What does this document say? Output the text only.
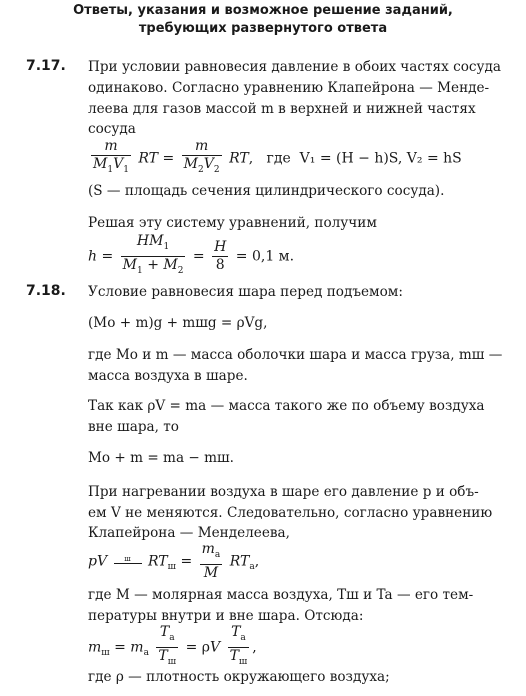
Ответы, указания и возможное решение заданий,
требующих развернутого ответа
7.17. При условии равновесия давление в обоих частях сосуда
одинаково. Согласно уравнению Клапейрона — Менде-
леева для газов массой m в верхней и нижней частях
сосуда
$\frac{m}{M_1V_1}$ RT = $\frac{m}{M_2V_2}$ RT,   где V₁ = (H − h)S, V₂ = hS
(S — площадь сечения цилиндрического сосуда).
Решая эту систему уравнений, получим
$h = \frac{HM_1}{M_1 + M_2} = \frac{H}{8} = 0,1$ м.
7.18. Условие равновесия шара перед подъемом:
(Mо + m)g + mшg = ρVg,
где Mо и m — масса оболочки шара и масса груза, mш —
масса воздуха в шаре.
Так как ρV = ma — масса такого же по объему воздуха
вне шара, то
Mо + m = ma − mш.
При нагревании воздуха в шаре его давление p и объ-
ем V не меняются. Следовательно, согласно уравнению
Клапейрона — Менделеева,
pV ш $RT_ш = \frac{m_a}{M} RT_a$,
где M — молярная масса воздуха, Tш и Ta — его тем-
пературы внутри и вне шара. Отсюда:
$m_ш = m_a \frac{T_a}{T_ш} = \rho V \frac{T_a}{T_ш}$ ,
где ρ — плотность окружающего воздуха;
